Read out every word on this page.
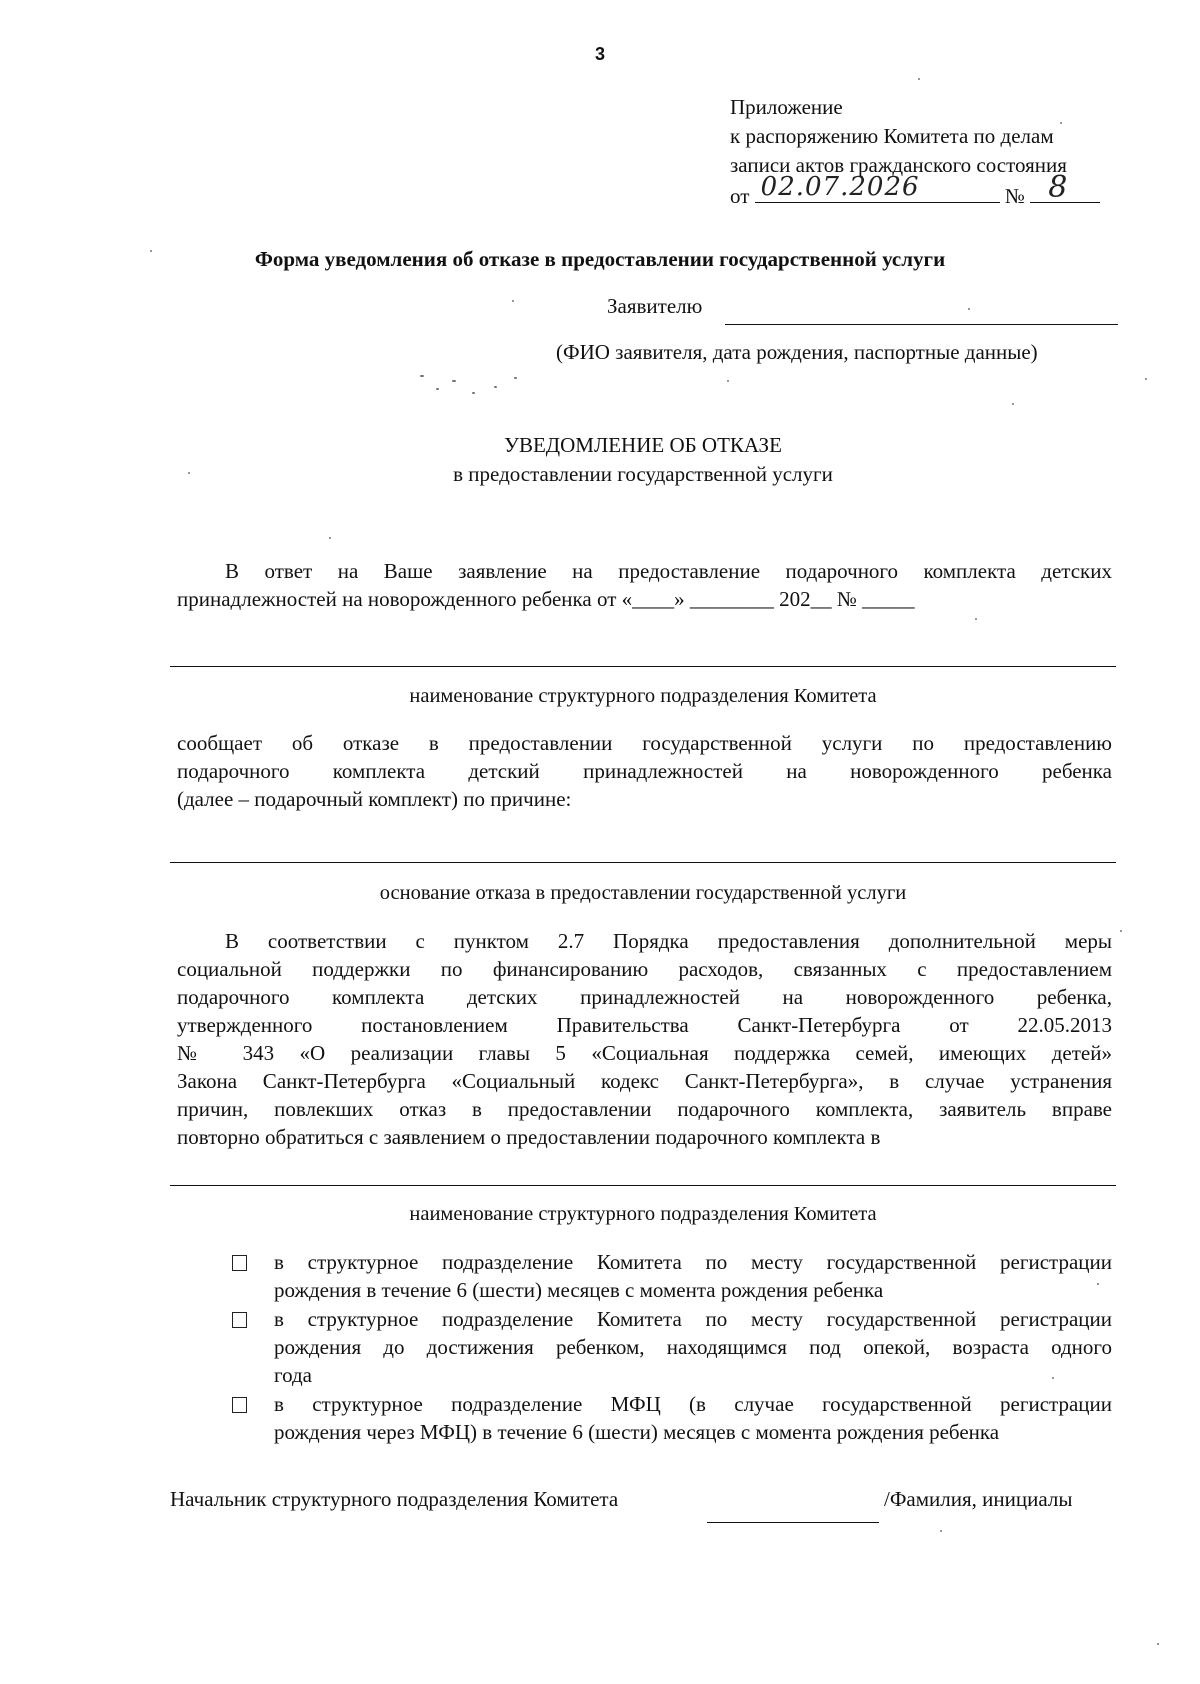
3
Приложение
к распоряжению Комитета по делам
записи актов гражданского состояния
от 02.07.2026	№ 8
Форма уведомления об отказе в предоставлении государственной услуги
Заявителю
(ФИО заявителя, дата рождения, паспортные данные)
УВЕДОМЛЕНИЕ ОБ ОТКАЗЕ
в предоставлении государственной услуги
В ответ на Ваше заявление на предоставление подарочного комплекта детских
принадлежностей на новорожденного ребенка от «____» ________ 202__ № _____
наименование структурного подразделения Комитета
сообщает об отказе в предоставлении государственной услуги по предоставлению
подарочного комплекта детский принадлежностей на новорожденного ребенка
(далее – подарочный комплект) по причине:
основание отказа в предоставлении государственной услуги
В соответствии с пунктом 2.7 Порядка предоставления дополнительной меры
социальной поддержки по финансированию расходов, связанных с предоставлением
подарочного комплекта детских принадлежностей на новорожденного ребенка,
утвержденного постановлением Правительства Санкт-Петербурга от 22.05.2013
№ 343 «О реализации главы 5 «Социальная поддержка семей, имеющих детей»
Закона Санкт-Петербурга «Социальный кодекс Санкт-Петербурга», в случае устранения
причин, повлекших отказ в предоставлении подарочного комплекта, заявитель вправе
повторно обратиться с заявлением о предоставлении подарочного комплекта в
наименование структурного подразделения Комитета
в структурное подразделение Комитета по месту государственной регистрации
рождения в течение 6 (шести) месяцев с момента рождения ребенка
в структурное подразделение Комитета по месту государственной регистрации
рождения до достижения ребенком, находящимся под опекой, возраста одного
года
в структурное подразделение МФЦ (в случае государственной регистрации
рождения через МФЦ) в течение 6 (шести) месяцев с момента рождения ребенка
Начальник структурного подразделения Комитета	/Фамилия, инициалы
